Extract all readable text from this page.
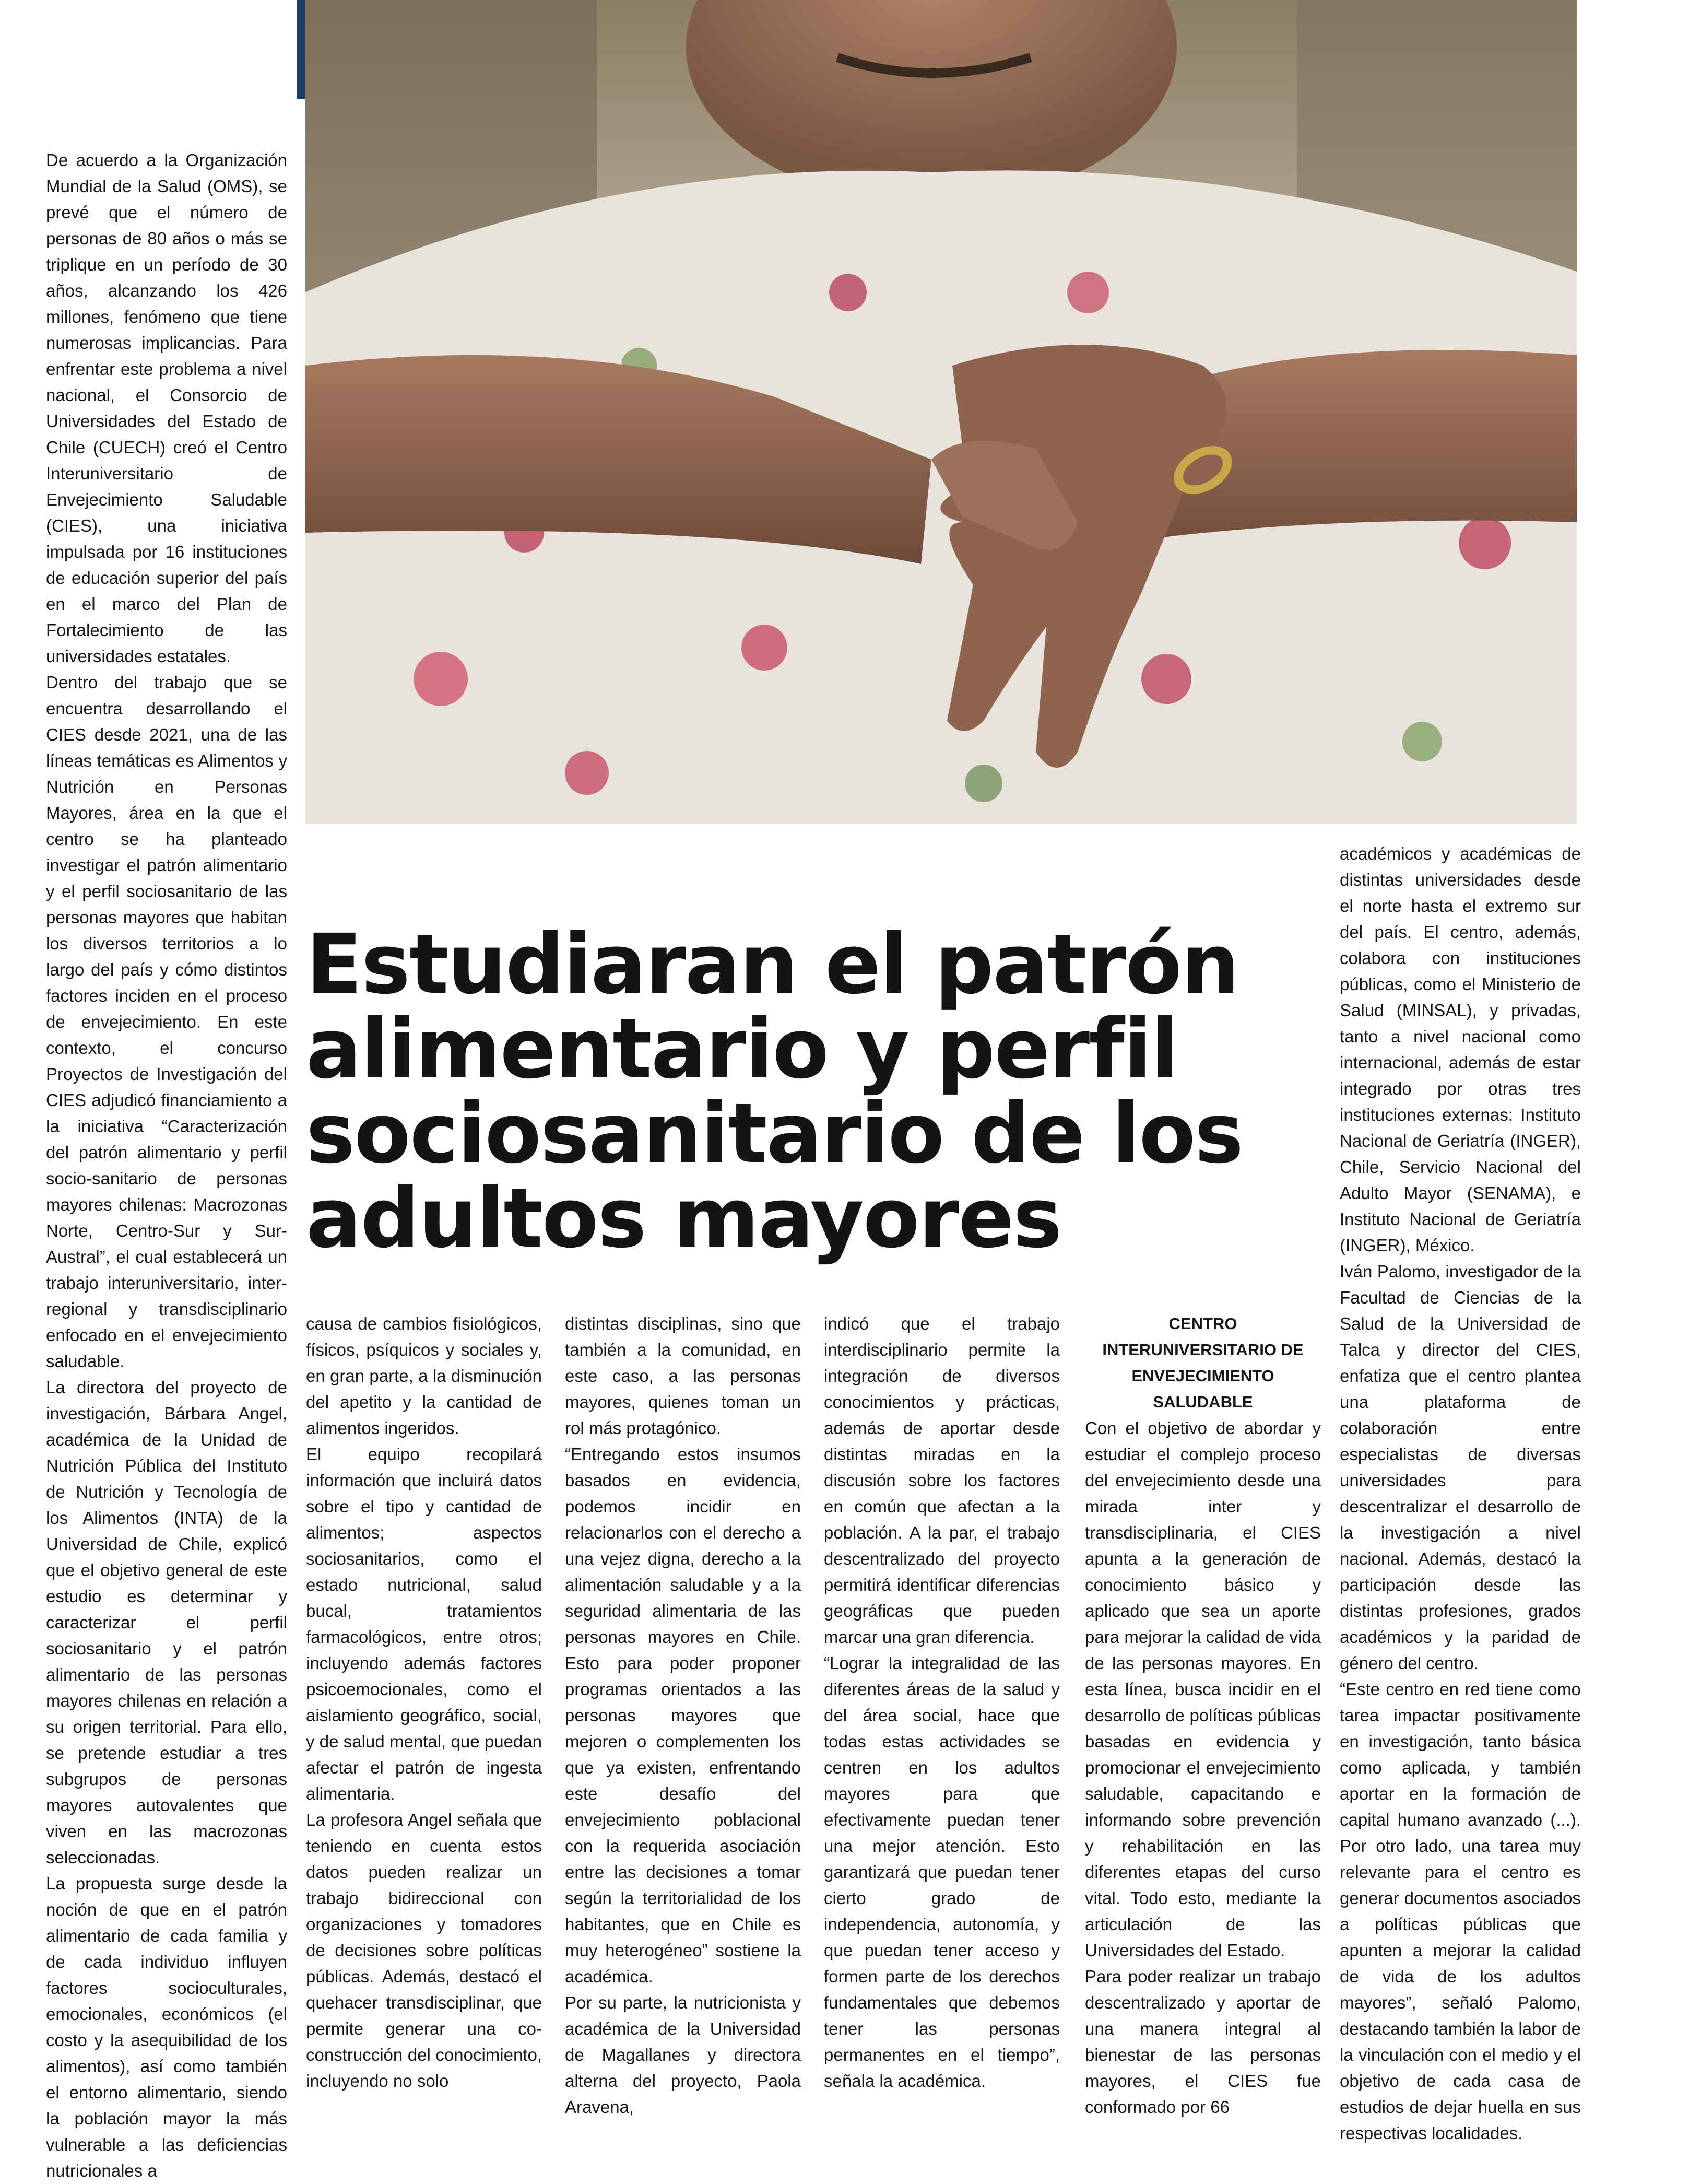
De acuerdo a la Organización Mundial de la Salud (OMS), se prevé que el número de personas de 80 años o más se triplique en un período de 30 años, alcanzando los 426 millones, fenómeno que tiene numerosas implicancias. Para enfrentar este problema a nivel nacional, el Consorcio de Universidades del Estado de Chile (CUECH) creó el Centro Interuniversitario de Envejecimiento Saludable (CIES), una iniciativa impulsada por 16 instituciones de educación superior del país en el marco del Plan de Fortalecimiento de las universidades estatales.

Dentro del trabajo que se encuentra desarrollando el CIES desde 2021, una de las líneas temáticas es Alimentos y Nutrición en Personas Mayores, área en la que el centro se ha planteado investigar el patrón alimentario y el perfil sociosanitario de las personas mayores que habitan los diversos territorios a lo largo del país y cómo distintos factores inciden en el proceso de envejecimiento. En este contexto, el concurso Proyectos de Investigación del CIES adjudicó financiamiento a la iniciativa “Caracterización del patrón alimentario y perfil socio-sanitario de personas mayores chilenas: Macrozonas Norte, Centro-Sur y Sur-Austral”, el cual establecerá un trabajo interuniversitario, inter-regional y transdisciplinario enfocado en el envejecimiento saludable.

La directora del proyecto de investigación, Bárbara Angel, académica de la Unidad de Nutrición Pública del Instituto de Nutrición y Tecnología de los Alimentos (INTA) de la Universidad de Chile, explicó que el objetivo general de este estudio es determinar y caracterizar el perfil sociosanitario y el patrón alimentario de las personas mayores chilenas en relación a su origen territorial. Para ello, se pretende estudiar a tres subgrupos de personas mayores autovalentes que viven en las macrozonas seleccionadas.

La propuesta surge desde la noción de que en el patrón alimentario de cada familia y de cada individuo influyen factores socioculturales, emocionales, económicos (el costo y la asequibilidad de los alimentos), así como también el entorno alimentario, siendo la población mayor la más vulnerable a las deficiencias nutricionales a

Estudiaran el patrón alimentario y perfil sociosanitario de los adultos mayores

causa de cambios fisiológicos, físicos, psíquicos y sociales y, en gran parte, a la disminución del apetito y la cantidad de alimentos ingeridos.

El equipo recopilará información que incluirá datos sobre el tipo y cantidad de alimentos; aspectos sociosanitarios, como el estado nutricional, salud bucal, tratamientos farmacológicos, entre otros; incluyendo además factores psicoemocionales, como el aislamiento geográfico, social, y de salud mental, que puedan afectar el patrón de ingesta alimentaria.

La profesora Angel señala que teniendo en cuenta estos datos pueden realizar un trabajo bidireccional con organizaciones y tomadores de decisiones sobre políticas públicas. Además, destacó el quehacer transdisciplinar, que permite generar una co-construcción del conocimiento, incluyendo no solo

distintas disciplinas, sino que también a la comunidad, en este caso, a las personas mayores, quienes toman un rol más protagónico.

“Entregando estos insumos basados en evidencia, podemos incidir en relacionarlos con el derecho a una vejez digna, derecho a la alimentación saludable y a la seguridad alimentaria de las personas mayores en Chile. Esto para poder proponer programas orientados a las personas mayores que mejoren o complementen los que ya existen, enfrentando este desafío del envejecimiento poblacional con la requerida asociación entre las decisiones a tomar según la territorialidad de los habitantes, que en Chile es muy heterogéneo” sostiene la académica.

Por su parte, la nutricionista y académica de la Universidad de Magallanes y directora alterna del proyecto, Paola Aravena,

indicó que el trabajo interdisciplinario permite la integración de diversos conocimientos y prácticas, además de aportar desde distintas miradas en la discusión sobre los factores en común que afectan a la población. A la par, el trabajo descentralizado del proyecto permitirá identificar diferencias geográficas que pueden marcar una gran diferencia.

“Lograr la integralidad de las diferentes áreas de la salud y del área social, hace que todas estas actividades se centren en los adultos mayores para que efectivamente puedan tener una mejor atención. Esto garantizará que puedan tener cierto grado de independencia, autonomía, y que puedan tener acceso y formen parte de los derechos fundamentales que debemos tener las personas permanentes en el tiempo”, señala la académica.

CENTRO INTERUNIVERSITARIO DE ENVEJECIMIENTO SALUDABLE

Con el objetivo de abordar y estudiar el complejo proceso del envejecimiento desde una mirada inter y transdisciplinaria, el CIES apunta a la generación de conocimiento básico y aplicado que sea un aporte para mejorar la calidad de vida de las personas mayores. En esta línea, busca incidir en el desarrollo de políticas públicas basadas en evidencia y promocionar el envejecimiento saludable, capacitando e informando sobre prevención y rehabilitación en las diferentes etapas del curso vital. Todo esto, mediante la articulación de las Universidades del Estado.

Para poder realizar un trabajo descentralizado y aportar de una manera integral al bienestar de las personas mayores, el CIES fue conformado por 66

académicos y académicas de distintas universidades desde el norte hasta el extremo sur del país. El centro, además, colabora con instituciones públicas, como el Ministerio de Salud (MINSAL), y privadas, tanto a nivel nacional como internacional, además de estar integrado por otras tres instituciones externas: Instituto Nacional de Geriatría (INGER), Chile, Servicio Nacional del Adulto Mayor (SENAMA), e Instituto Nacional de Geriatría (INGER), México.

Iván Palomo, investigador de la Facultad de Ciencias de la Salud de la Universidad de Talca y director del CIES, enfatiza que el centro plantea una plataforma de colaboración entre especialistas de diversas universidades para descentralizar el desarrollo de la investigación a nivel nacional. Además, destacó la participación desde las distintas profesiones, grados académicos y la paridad de género del centro.

“Este centro en red tiene como tarea impactar positivamente en investigación, tanto básica como aplicada, y también aportar en la formación de capital humano avanzado (...). Por otro lado, una tarea muy relevante para el centro es generar documentos asociados a políticas públicas que apunten a mejorar la calidad de vida de los adultos mayores”, señaló Palomo, destacando también la labor de la vinculación con el medio y el objetivo de cada casa de estudios de dejar huella en sus respectivas localidades.
